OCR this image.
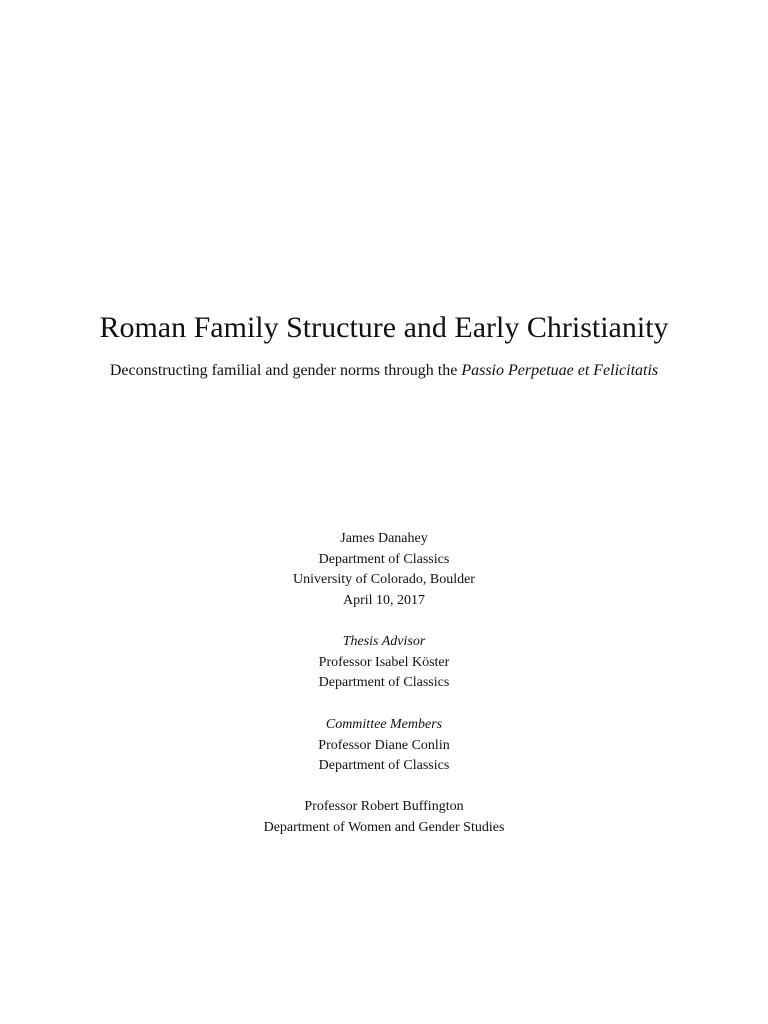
Roman Family Structure and Early Christianity

Deconstructing familial and gender norms through the Passio Perpetuae et Felicitatis

James Danahey
Department of Classics
University of Colorado, Boulder
April 10, 2017
Thesis Advisor
Professor Isabel Köster
Department of Classics
Committee Members
Professor Diane Conlin
Department of Classics
Professor Robert Buffington
Department of Women and Gender Studies
